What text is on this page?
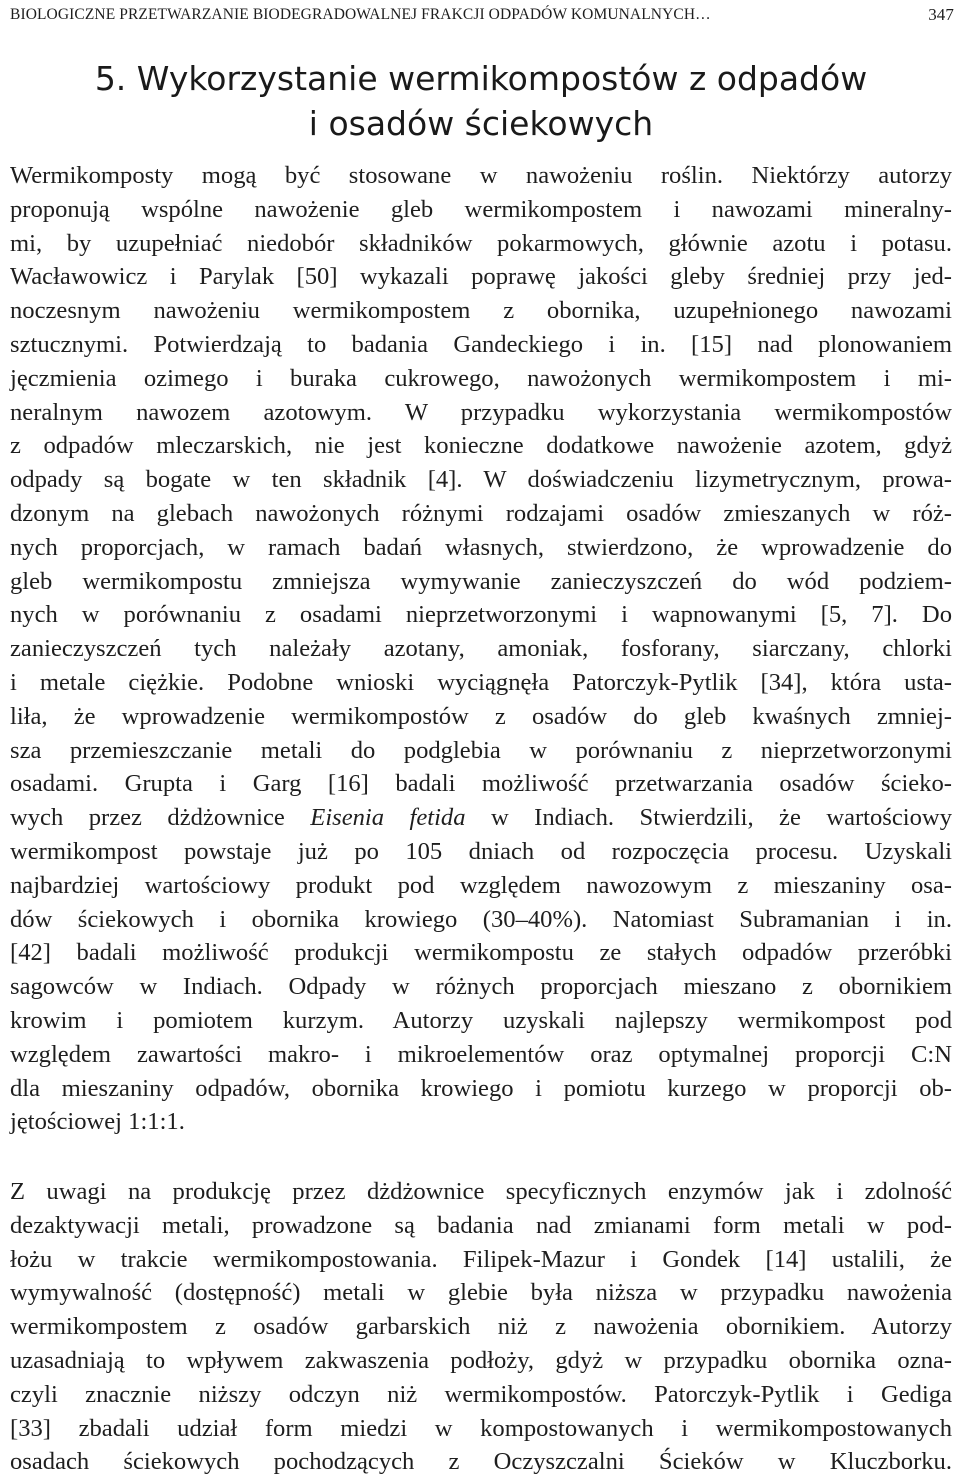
BIOLOGICZNE PRZETWARZANIE BIODEGRADOWALNEJ FRAKCJI ODPADÓW KOMUNALNYCH…	347
5. Wykorzystanie wermikompostów z odpadów
i osadów ściekowych
Wermikomposty mogą być stosowane w nawożeniu roślin. Niektórzy autorzy
proponują wspólne nawożenie gleb wermikompostem i nawozami mineralny-
mi, by uzupełniać niedobór składników pokarmowych, głównie azotu i potasu.
Wacławowicz i Parylak [50] wykazali poprawę jakości gleby średniej przy jed-
noczesnym nawożeniu wermikompostem z obornika, uzupełnionego nawozami
sztucznymi. Potwierdzają to badania Gandeckiego i in. [15] nad plonowaniem
jęczmienia ozimego i buraka cukrowego, nawożonych wermikompostem i mi-
neralnym nawozem azotowym. W przypadku wykorzystania wermikompostów
z odpadów mleczarskich, nie jest konieczne dodatkowe nawożenie azotem, gdyż
odpady są bogate w ten składnik [4]. W doświadczeniu lizymetrycznym, prowa-
dzonym na glebach nawożonych różnymi rodzajami osadów zmieszanych w róż-
nych proporcjach, w ramach badań własnych, stwierdzono, że wprowadzenie do
gleb wermikompostu zmniejsza wymywanie zanieczyszczeń do wód podziem-
nych w porównaniu z osadami nieprzetworzonymi i wapnowanymi [5, 7]. Do
zanieczyszczeń tych należały azotany, amoniak, fosforany, siarczany, chlorki
i metale ciężkie. Podobne wnioski wyciągnęła Patorczyk-Pytlik [34], która usta-
liła, że wprowadzenie wermikompostów z osadów do gleb kwaśnych zmniej-
sza przemieszczanie metali do podglebia w porównaniu z nieprzetworzonymi
osadami. Grupta i Garg [16] badali możliwość przetwarzania osadów ścieko-
wych przez dżdżownice Eisenia fetida w Indiach. Stwierdzili, że wartościowy
wermikompost powstaje już po 105 dniach od rozpoczęcia procesu. Uzyskali
najbardziej wartościowy produkt pod względem nawozowym z mieszaniny osa-
dów ściekowych i obornika krowiego (30–40%). Natomiast Subramanian i in.
[42] badali możliwość produkcji wermikompostu ze stałych odpadów przeróbki
sagowców w Indiach. Odpady w różnych proporcjach mieszano z obornikiem
krowim i pomiotem kurzym. Autorzy uzyskali najlepszy wermikompost pod
względem zawartości makro- i mikroelementów oraz optymalnej proporcji C:N
dla mieszaniny odpadów, obornika krowiego i pomiotu kurzego w proporcji ob-
jętościowej 1:1:1.
Z uwagi na produkcję przez dżdżownice specyficznych enzymów jak i zdolność
dezaktywacji metali, prowadzone są badania nad zmianami form metali w pod-
łożu w trakcie wermikompostowania. Filipek-Mazur i Gondek [14] ustalili, że
wymywalność (dostępność) metali w glebie była niższa w przypadku nawożenia
wermikompostem z osadów garbarskich niż z nawożenia obornikiem. Autorzy
uzasadniają to wpływem zakwaszenia podłoży, gdyż w przypadku obornika ozna-
czyli znacznie niższy odczyn niż wermikompostów. Patorczyk-Pytlik i Gediga
[33] zbadali udział form miedzi w kompostowanych i wermikompostowanych
osadach ściekowych pochodzących z Oczyszczalni Ścieków w Kluczborku.
